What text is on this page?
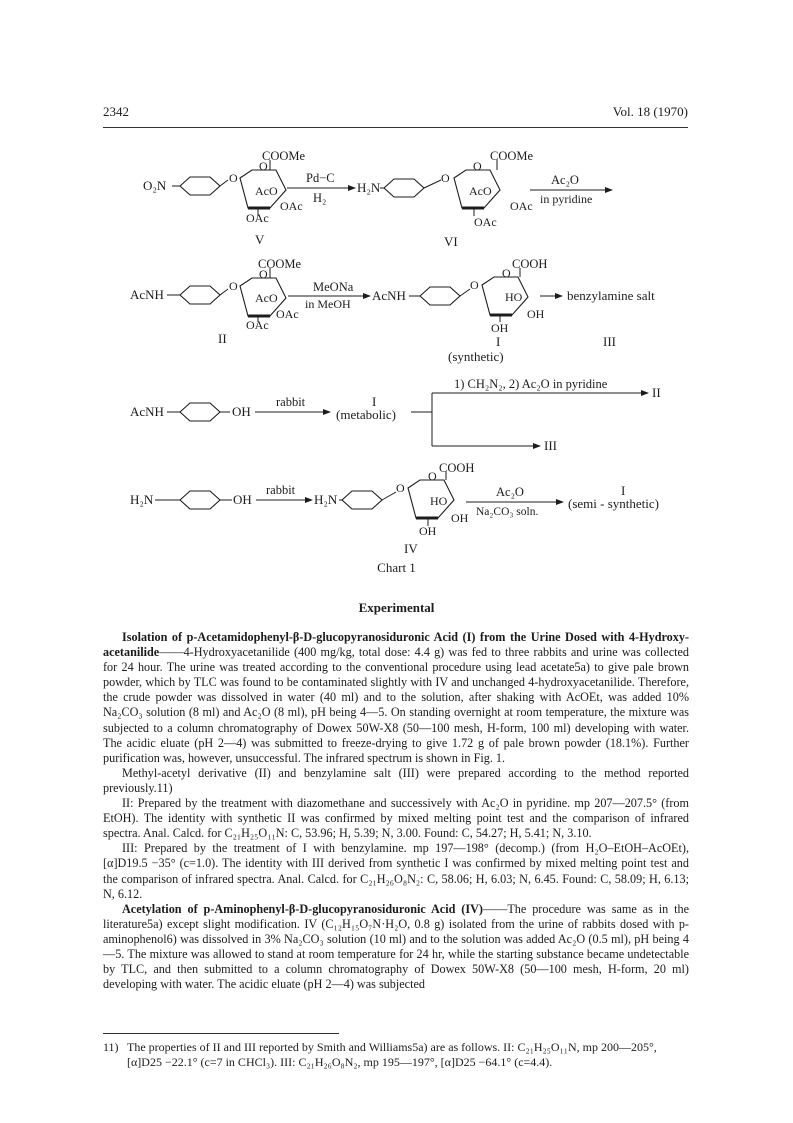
2342	Vol. 18 (1970)
O₂N	O
O
AcO
COOMe
OAc
OAc
V
Pd−C
H₂
H₂N
O
O
AcO
COOMe
OAc
OAc
VI
Ac₂O
in pyridine
AcNH
O
O
AcO
COOMe
OAc
OAc
II
MeONa
in MeOH
AcNH
O
O
HO
COOH
OH
OH
I
(synthetic)
benzylamine salt
III
AcNH	OH
rabbit	I
(metabolic)
1) CH₂N₂, 2) Ac₂O in pyridine
II
III
H₂N	OH
rabbit
H₂N
O
O
HO
COOH
OH
OH
IV
Ac₂O
Na₂CO₃ soln.
I
(semi - synthetic)
Chart 1
Experimental

Isolation of p-Acetamidophenyl-β-D-glucopyranosiduronic Acid (I) from the Urine Dosed with 4-Hydroxy-acetanilide——4-Hydroxyacetanilide (400 mg/kg, total dose: 4.4 g) was fed to three rabbits and urine was collected for 24 hour. The urine was treated according to the conventional procedure using lead acetate5a) to give pale brown powder, which by TLC was found to be contaminated slightly with IV and unchanged 4-hydroxyacetanilide. Therefore, the crude powder was dissolved in water (40 ml) and to the solution, after shaking with AcOEt, was added 10% Na₂CO₃ solution (8 ml) and Ac₂O (8 ml), pH being 4—5. On standing overnight at room temperature, the mixture was subjected to a column chromatography of Dowex 50W-X8 (50—100 mesh, H-form, 100 ml) developing with water. The acidic eluate (pH 2—4) was submitted to freeze-drying to give 1.72 g of pale brown powder (18.1%). Further purification was, however, unsuccessful. The infrared spectrum is shown in Fig. 1.

Methyl-acetyl derivative (II) and benzylamine salt (III) were prepared according to the method reported previously.11)

II: Prepared by the treatment with diazomethane and successively with Ac₂O in pyridine. mp 207—207.5° (from EtOH). The identity with synthetic II was confirmed by mixed melting point test and the comparison of infrared spectra. Anal. Calcd. for C₂₁H₂₅O₁₁N: C, 53.96; H, 5.39; N, 3.00. Found: C, 54.27; H, 5.41; N, 3.10.

III: Prepared by the treatment of I with benzylamine. mp 197—198° (decomp.) (from H₂O–EtOH–AcOEt), [α]D19.5 −35° (c=1.0). The identity with III derived from synthetic I was confirmed by mixed melting point test and the comparison of infrared spectra. Anal. Calcd. for C₂₁H₂₆O₈N₂: C, 58.06; H, 6.03; N, 6.45. Found: C, 58.09; H, 6.13; N, 6.12.

Acetylation of p-Aminophenyl-β-D-glucopyranosiduronic Acid (IV)——The procedure was same as in the literature5a) except slight modification. IV (C₁₂H₁₅O₇N·H₂O, 0.8 g) isolated from the urine of rabbits dosed with p-aminophenol6) was dissolved in 3% Na₂CO₃ solution (10 ml) and to the solution was added Ac₂O (0.5 ml), pH being 4—5. The mixture was allowed to stand at room temperature for 24 hr, while the starting substance became undetectable by TLC, and then submitted to a column chromatography of Dowex 50W-X8 (50—100 mesh, H-form, 20 ml) developing with water. The acidic eluate (pH 2—4) was subjected

11) The properties of II and III reported by Smith and Williams5a) are as follows. II: C₂₁H₂₅O₁₁N, mp 200—205°, [α]D25 −22.1° (c=7 in CHCl₃). III: C₂₁H₂₆O₈N₂, mp 195—197°, [α]D25 −64.1° (c=4.4).
